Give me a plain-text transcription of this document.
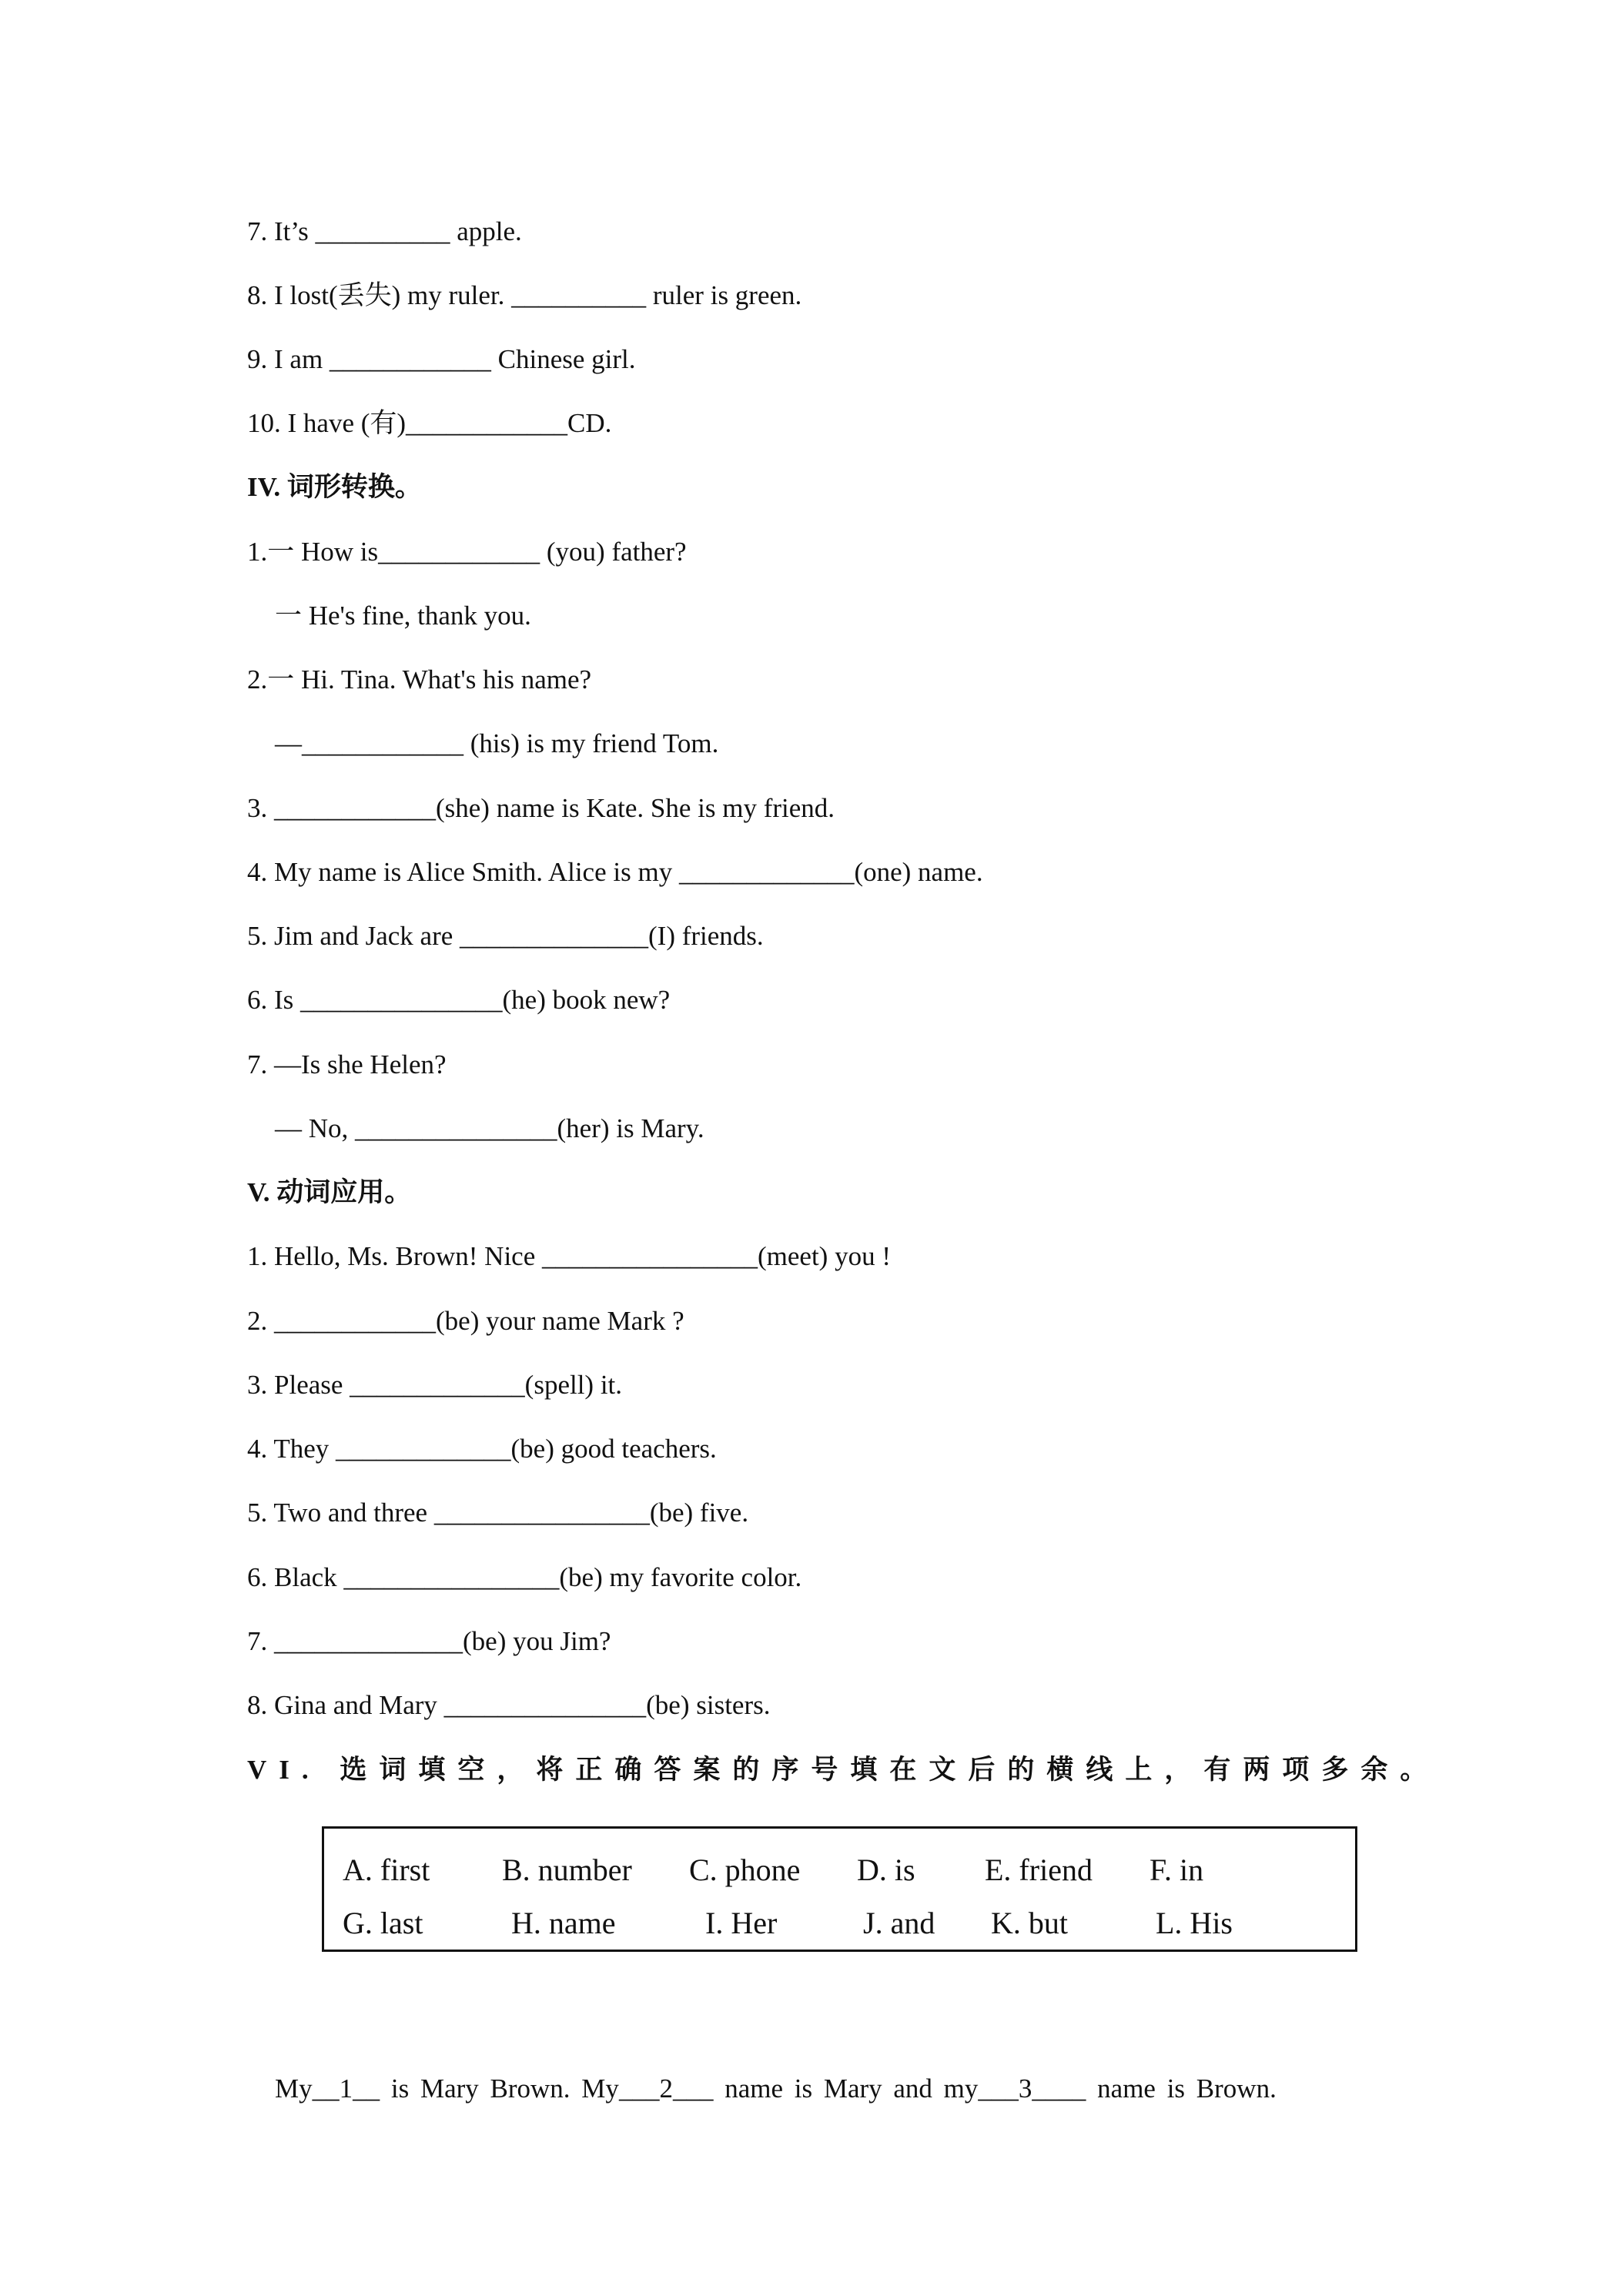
7. It’s __________ apple.
8. I lost(丢失) my ruler. __________ ruler is green.
9. I am ____________ Chinese girl.
10. I have (有)____________CD.
IV. 词形转换。
1.一 How is____________ (you) father?
一 He's fine, thank you.
2.一 Hi. Tina. What's his name?
—____________ (his) is my friend Tom.
3. ____________(she) name is Kate. She is my friend.
4. My name is Alice Smith. Alice is my _____________(one) name.
5. Jim and Jack are ______________(I) friends.
6. Is _______________(he) book new?
7. —Is she Helen?
— No, _______________(her) is Mary.
V. 动词应用。
1. Hello, Ms. Brown! Nice ________________(meet) you !
2. ____________(be) your name Mark ?
3. Please _____________(spell) it.
4. They _____________(be) good teachers.
5. Two and three ________________(be) five.
6. Black ________________(be) my favorite color.
7. ______________(be) you Jim?
8. Gina and Mary _______________(be) sisters.
VI. 选词填空，将正确答案的序号填在文后的横线上，有两项多余。
A. first B. number C. phone D. is E. friend F. in
G. last	H. name	I. Her	J. and K. but	L. His
My__1__ is Mary Brown. My___2___ name is Mary and my___3____ name is Brown.
